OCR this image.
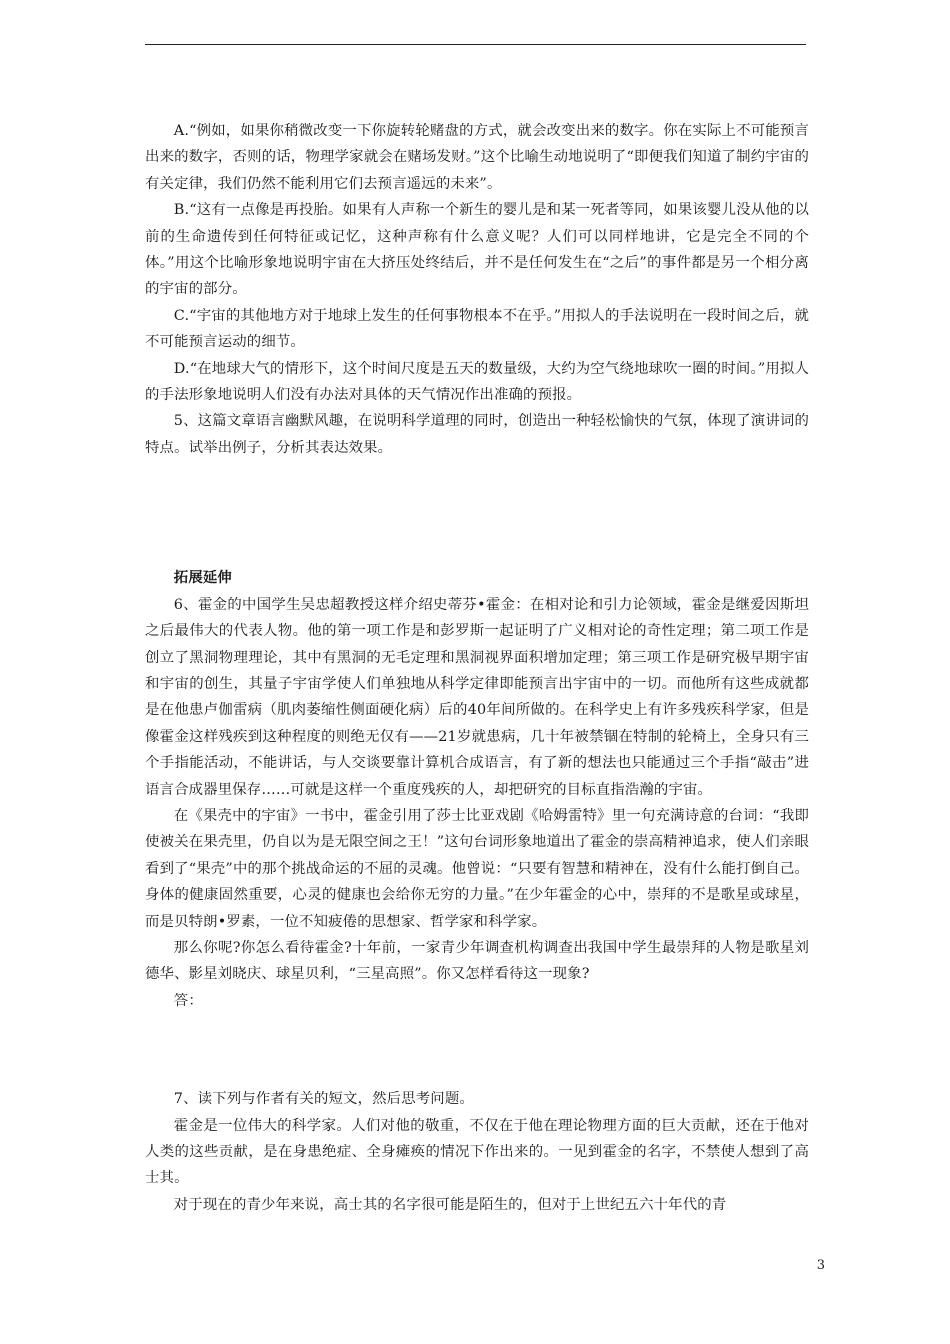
A.“例如，如果你稍微改变一下你旋转轮赌盘的方式，就会改变出来的数字。你在实际上不可能预言出来的数字，否则的话，物理学家就会在赌场发财。”这个比喻生动地说明了“即便我们知道了制约宇宙的有关定律，我们仍然不能利用它们去预言遥远的未来”。

B.“这有一点像是再投胎。如果有人声称一个新生的婴儿是和某一死者等同，如果该婴儿没从他的以前的生命遗传到任何特征或记忆，这种声称有什么意义呢？人们可以同样地讲，它是完全不同的个体。”用这个比喻形象地说明宇宙在大挤压处终结后，并不是任何发生在“之后”的事件都是另一个相分离的宇宙的部分。

C.“宇宙的其他地方对于地球上发生的任何事物根本不在乎。”用拟人的手法说明在一段时间之后，就不可能预言运动的细节。

D.“在地球大气的情形下，这个时间尺度是五天的数量级，大约为空气绕地球吹一圈的时间。”用拟人的手法形象地说明人们没有办法对具体的天气情况作出准确的预报。

5、这篇文章语言幽默风趣，在说明科学道理的同时，创造出一种轻松愉快的气氛，体现了演讲词的特点。试举出例子，分析其表达效果。

拓展延伸

6、霍金的中国学生吴忠超教授这样介绍史蒂芬•霍金：在相对论和引力论领域，霍金是继爱因斯坦之后最伟大的代表人物。他的第一项工作是和彭罗斯一起证明了广义相对论的奇性定理；第二项工作是创立了黑洞物理理论，其中有黑洞的无毛定理和黑洞视界面积增加定理；第三项工作是研究极早期宇宙和宇宙的创生，其量子宇宙学使人们单独地从科学定律即能预言出宇宙中的一切。而他所有这些成就都是在他患卢伽雷病（肌肉萎缩性侧面硬化病）后的40年间所做的。在科学史上有许多残疾科学家，但是像霍金这样残疾到这种程度的则绝无仅有——21岁就患病，几十年被禁锢在特制的轮椅上，全身只有三个手指能活动，不能讲话，与人交谈要靠计算机合成语言，有了新的想法也只能通过三个手指“敲击”进语言合成器里保存……可就是这样一个重度残疾的人，却把研究的目标直指浩瀚的宇宙。

在《果壳中的宇宙》一书中，霍金引用了莎士比亚戏剧《哈姆雷特》里一句充满诗意的台词：“我即使被关在果壳里，仍自以为是无限空间之王！”这句台词形象地道出了霍金的崇高精神追求，使人们亲眼看到了“果壳”中的那个挑战命运的不屈的灵魂。他曾说：“只要有智慧和精神在，没有什么能打倒自己。身体的健康固然重要，心灵的健康也会给你无穷的力量。”在少年霍金的心中，崇拜的不是歌星或球星，而是贝特朗•罗素，一位不知疲倦的思想家、哲学家和科学家。

那么你呢?你怎么看待霍金?十年前，一家青少年调查机构调查出我国中学生最崇拜的人物是歌星刘德华、影星刘晓庆、球星贝利，“三星高照”。你又怎样看待这一现象?

答：

7、读下列与作者有关的短文，然后思考问题。

霍金是一位伟大的科学家。人们对他的敬重，不仅在于他在理论物理方面的巨大贡献，还在于他对人类的这些贡献，是在身患绝症、全身瘫痪的情况下作出来的。一见到霍金的名字，不禁使人想到了高士其。

对于现在的青少年来说，高士其的名字很可能是陌生的，但对于上世纪五六十年代的青

3
